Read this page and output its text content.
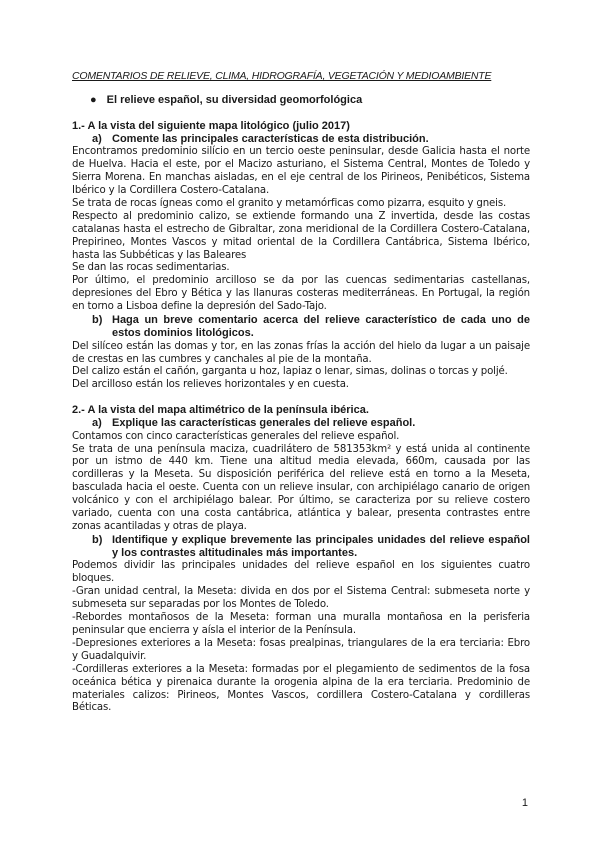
COMENTARIOS DE RELIEVE, CLIMA, HIDROGRAFÍA, VEGETACIÓN Y MEDIOAMBIENTE
● El relieve español, su diversidad geomorfológica
1.- A la vista del siguiente mapa litológico (julio 2017)
a) Comente las principales características de esta distribución.

Encontramos predominio silício en un tercio oeste peninsular, desde Galicia hasta el norte de Huelva. Hacia el este, por el Macizo asturiano, el Sistema Central, Montes de Toledo y Sierra Morena. En manchas aisladas, en el eje central de los Pirineos, Penibéticos, Sistema Ibérico y la Cordillera Costero-Catalana.

Se trata de rocas ígneas como el granito y metamórficas como pizarra, esquito y gneis.

Respecto al predominio calizo, se extiende formando una Z invertida, desde las costas catalanas hasta el estrecho de Gibraltar, zona meridional de la Cordillera Costero-Catalana, Prepirineo, Montes Vascos y mitad oriental de la Cordillera Cantábrica, Sistema Ibérico, hasta las Subbéticas y las Baleares

Se dan las rocas sedimentarias.

Por último, el predominio arcilloso se da por las cuencas sedimentarias castellanas, depresiones del Ebro y Bética y las llanuras costeras mediterráneas. En Portugal, la región en torno a Lisboa define la depresión del Sado-Tajo.

b) Haga un breve comentario acerca del relieve característico de cada uno de estos dominios litológicos.

Del silíceo están las domas y tor, en las zonas frías la acción del hielo da lugar a un paisaje de crestas en las cumbres y canchales al pie de la montaña.

Del calizo están el cañón, garganta u hoz, lapiaz o lenar, simas, dolinas o torcas y poljé.

Del arcilloso están los relieves horizontales y en cuesta.

2.- A la vista del mapa altimétrico de la península ibérica.
a) Explique las características generales del relieve español.

Contamos con cinco características generales del relieve español.

Se trata de una península maciza, cuadrilátero de 581353km² y está unida al continente por un istmo de 440 km. Tiene una altitud media elevada, 660m, causada por las cordilleras y la Meseta. Su disposición periférica del relieve está en torno a la Meseta, basculada hacia el oeste. Cuenta con un relieve insular, con archipiélago canario de origen volcánico y con el archipiélago balear. Por último, se caracteriza por su relieve costero variado, cuenta con una costa cantábrica, atlántica y balear, presenta contrastes entre zonas acantiladas y otras de playa.

b) Identifique y explique brevemente las principales unidades del relieve español y los contrastes altitudinales más importantes.

Podemos dividir las principales unidades del relieve español en los siguientes cuatro bloques.

-Gran unidad central, la Meseta: divida en dos por el Sistema Central: submeseta norte y submeseta sur separadas por los Montes de Toledo.

-Rebordes montañosos de la Meseta: forman una muralla montañosa en la perisferia peninsular que encierra y aísla el interior de la Península.

-Depresiones exteriores a la Meseta: fosas prealpinas, triangulares de la era terciaria: Ebro y Guadalquivir.

-Cordilleras exteriores a la Meseta: formadas por el plegamiento de sedimentos de la fosa oceánica bética y pirenaica durante la orogenia alpina de la era terciaria. Predominio de materiales calizos: Pirineos, Montes Vascos, cordillera Costero-Catalana y cordilleras Béticas.

1
